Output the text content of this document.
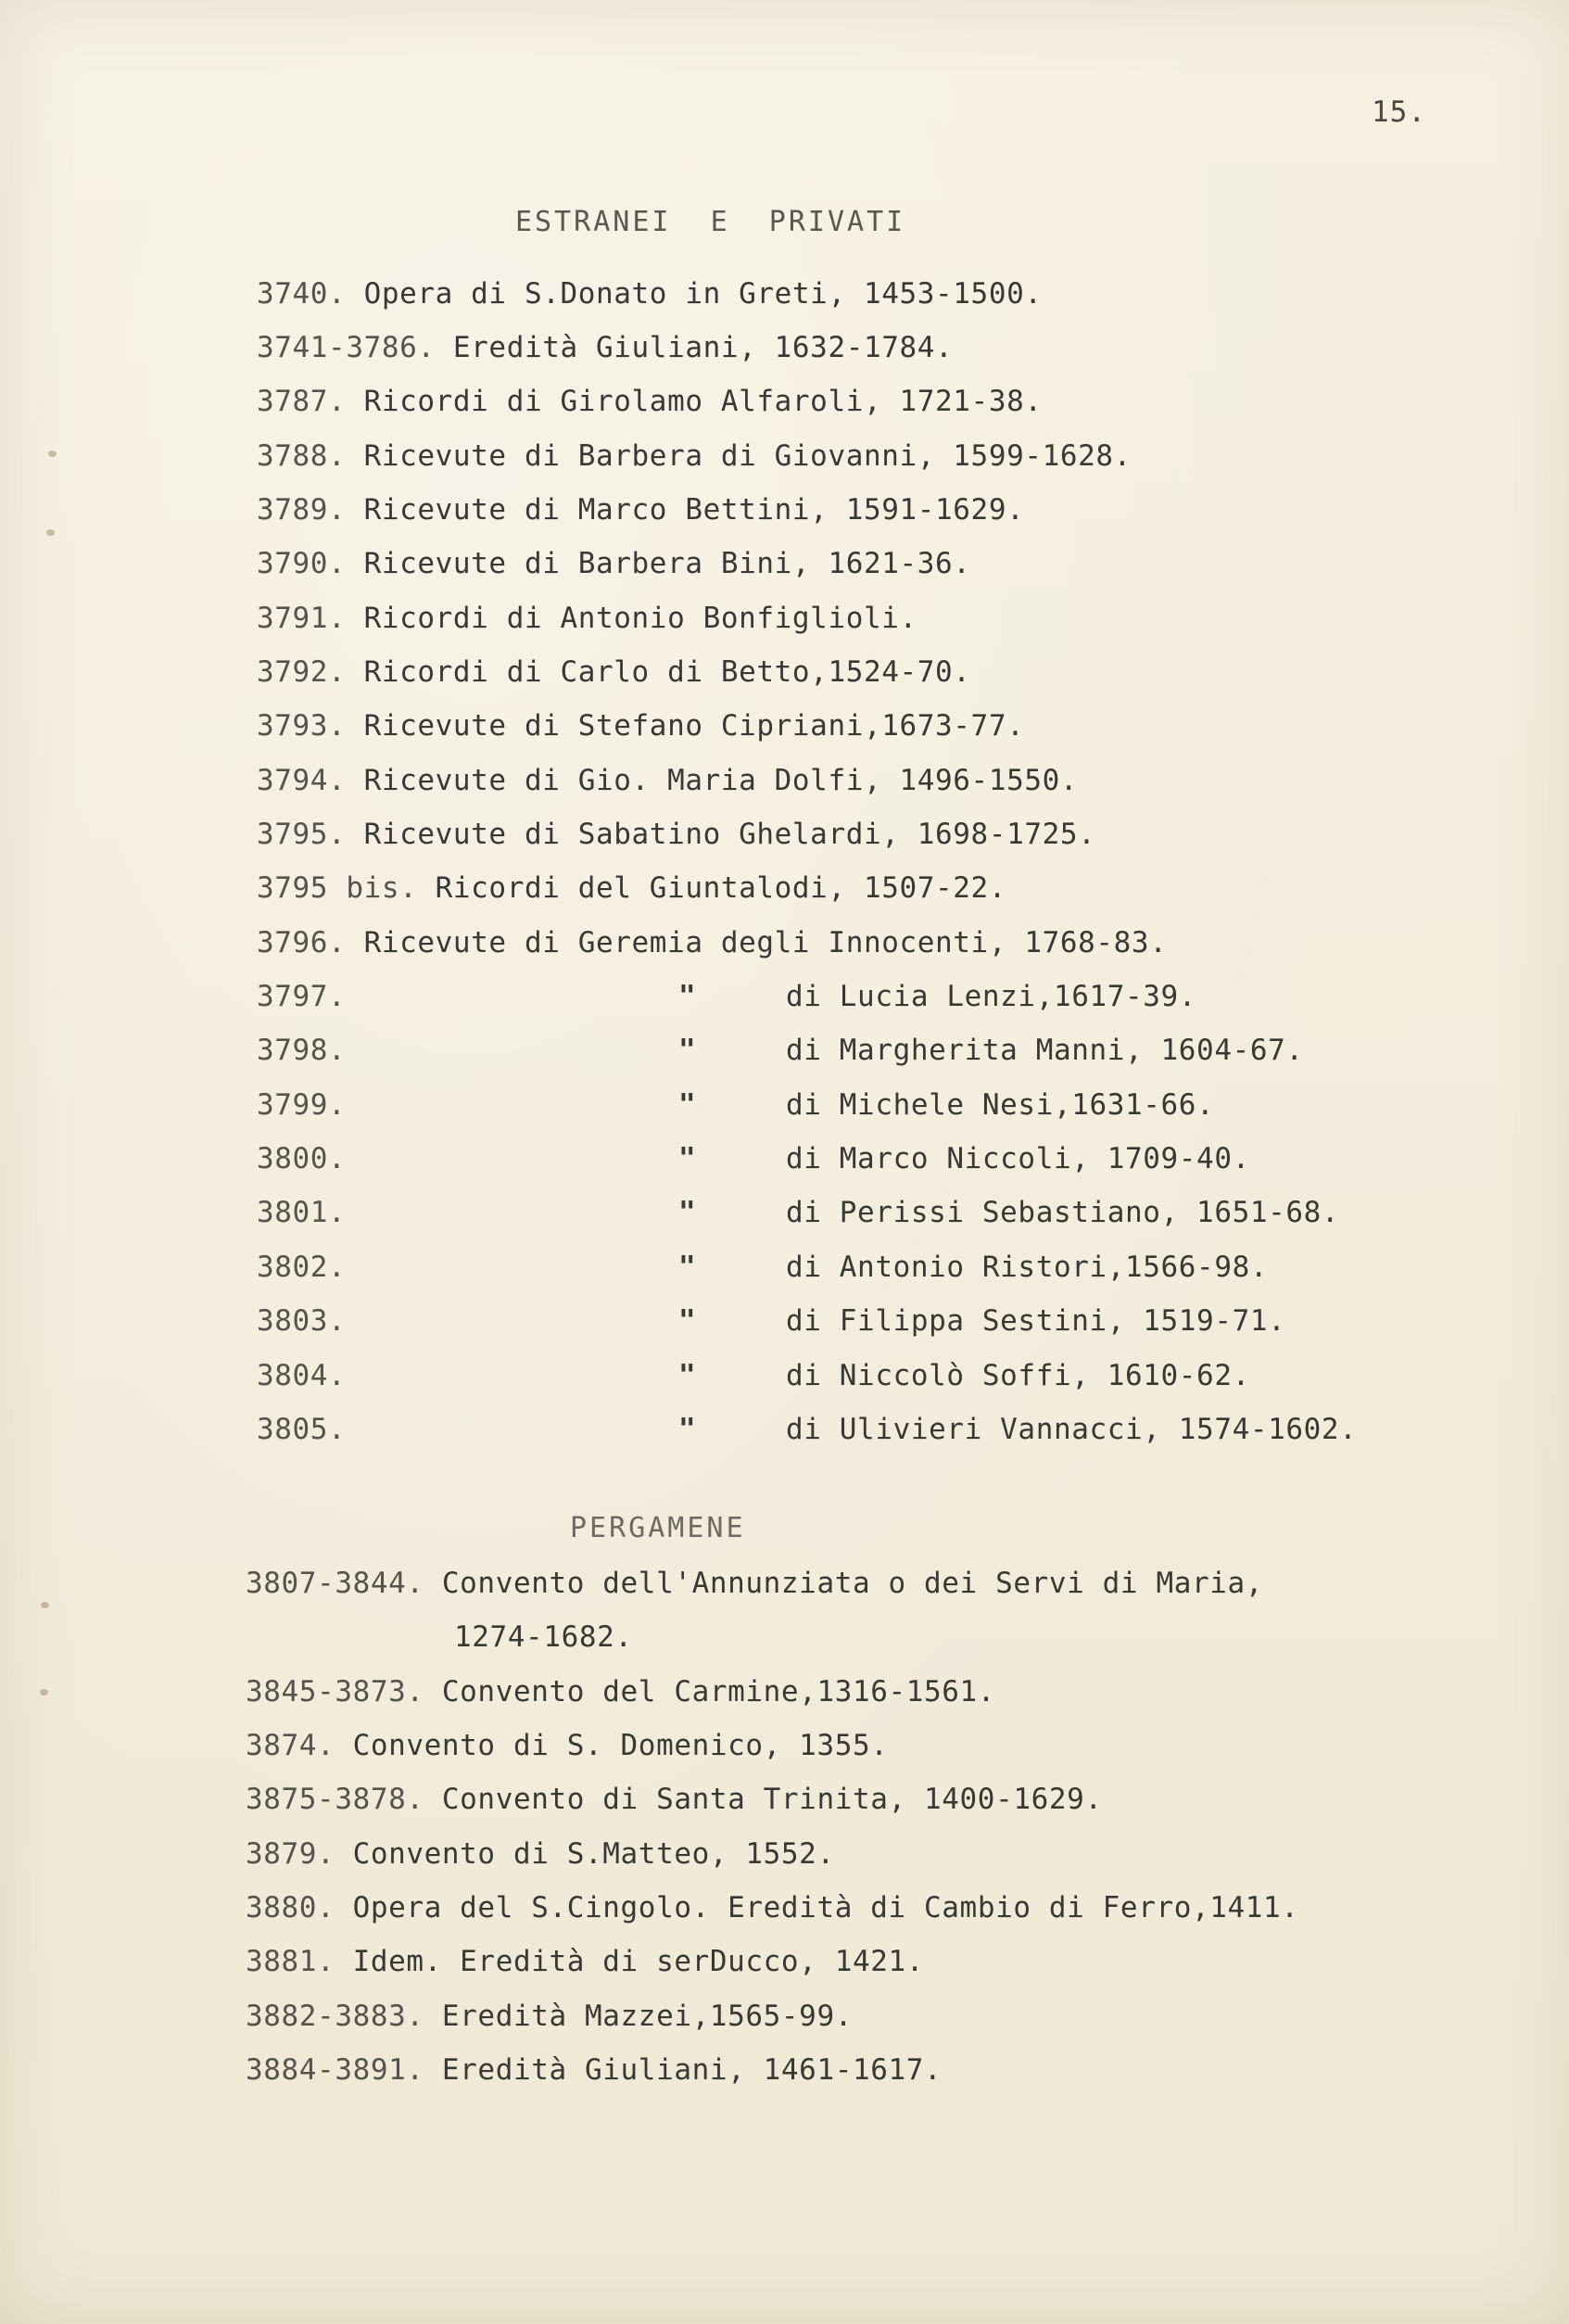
15.
ESTRANEI  E  PRIVATI
3740. Opera di S.Donato in Greti, 1453-1500.
3741-3786. Eredità Giuliani, 1632-1784.
3787. Ricordi di Girolamo Alfaroli, 1721-38.
3788. Ricevute di Barbera di Giovanni, 1599-1628.
3789. Ricevute di Marco Bettini, 1591-1629.
3790. Ricevute di Barbera Bini, 1621-36.
3791. Ricordi di Antonio Bonfiglioli.
3792. Ricordi di Carlo di Betto,1524-70.
3793. Ricevute di Stefano Cipriani,1673-77.
3794. Ricevute di Gio. Maria Dolfi, 1496-1550.
3795. Ricevute di Sabatino Ghelardi, 1698-1725.
3795 bis. Ricordi del Giuntalodi, 1507-22.
3796. Ricevute di Geremia degli Innocenti, 1768-83.
3797.	"	di Lucia Lenzi,1617-39.
3798.	"	di Margherita Manni, 1604-67.
3799.	"	di Michele Nesi,1631-66.
3800.	"	di Marco Niccoli, 1709-40.
3801.	"	di Perissi Sebastiano, 1651-68.
3802.	"	di Antonio Ristori,1566-98.
3803.	"	di Filippa Sestini, 1519-71.
3804.	"	di Niccolò Soffi, 1610-62.
3805.	"	di Ulivieri Vannacci, 1574-1602.
PERGAMENE
3807-3844. Convento dell'Annunziata o dei Servi di Maria,
1274-1682.
3845-3873. Convento del Carmine,1316-1561.
3874. Convento di S. Domenico, 1355.
3875-3878. Convento di Santa Trinita, 1400-1629.
3879. Convento di S.Matteo, 1552.
3880. Opera del S.Cingolo. Eredità di Cambio di Ferro,1411.
3881. Idem. Eredità di serDucco, 1421.
3882-3883. Eredità Mazzei,1565-99.
3884-3891. Eredità Giuliani, 1461-1617.
